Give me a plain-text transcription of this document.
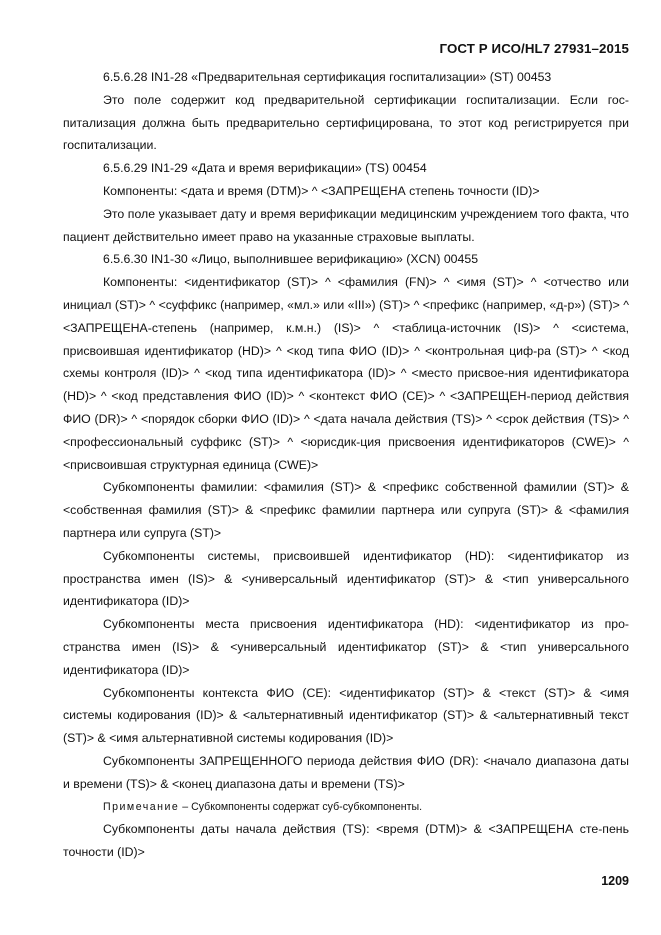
ГОСТ Р ИСО/HL7 27931–2015

6.5.6.28 IN1-28 «Предварительная сертификация госпитализации» (ST) 00453

Это поле содержит код предварительной сертификации госпитализации. Если гос-питализация должна быть предварительно сертифицирована, то этот код регистрируется при госпитализации.

6.5.6.29 IN1-29 «Дата и время верификации» (TS) 00454

Компоненты: <дата и время (DTM)> ^ <ЗАПРЕЩЕНА степень точности (ID)>

Это поле указывает дату и время верификации медицинским учреждением того факта, что пациент действительно имеет право на указанные страховые выплаты.

6.5.6.30 IN1-30 «Лицо, выполнившее верификацию» (XCN) 00455

Компоненты: <идентификатор (ST)> ^ <фамилия (FN)> ^ <имя (ST)> ^ <отчество или инициал (ST)> ^ <суффикс (например, «мл.» или «III») (ST)> ^ <префикс (например, «д-р») (ST)> ^ <ЗАПРЕЩЕНА-степень (например, к.м.н.) (IS)> ^ <таблица-источник (IS)> ^ <система, присвоившая идентификатор (HD)> ^ <код типа ФИО (ID)> ^ <контрольная циф-ра (ST)> ^ <код схемы контроля (ID)> ^ <код типа идентификатора (ID)> ^ <место присвое-ния идентификатора (HD)> ^ <код представления ФИО (ID)> ^ <контекст ФИО (CE)> ^ <ЗАПРЕЩЕН-период действия ФИО (DR)> ^ <порядок сборки ФИО (ID)> ^ <дата начала действия (TS)> ^ <срок действия (TS)> ^ <профессиональный суффикс (ST)> ^ <юрисдик-ция присвоения идентификаторов (CWE)> ^ <присвоившая структурная единица (CWE)>

Субкомпоненты фамилии: <фамилия (ST)> & <префикс собственной фамилии (ST)> & <собственная фамилия (ST)> & <префикс фамилии партнера или супруга (ST)> & <фамилия партнера или супруга (ST)>

Субкомпоненты системы, присвоившей идентификатор (HD): <идентификатор из пространства имен (IS)> & <универсальный идентификатор (ST)> & <тип универсального идентификатора (ID)>

Субкомпоненты места присвоения идентификатора (HD): <идентификатор из про-странства имен (IS)> & <универсальный идентификатор (ST)> & <тип универсального идентификатора (ID)>

Субкомпоненты контекста ФИО (CE): <идентификатор (ST)> & <текст (ST)> & <имя системы кодирования (ID)> & <альтернативный идентификатор (ST)> & <альтернативный текст (ST)> & <имя альтернативной системы кодирования (ID)>

Субкомпоненты ЗАПРЕЩЕННОГО периода действия ФИО (DR): <начало диапазона даты и времени (TS)> & <конец диапазона даты и времени (TS)>

Примечание – Субкомпоненты содержат суб-субкомпоненты.

Субкомпоненты даты начала действия (TS): <время (DTM)> & <ЗАПРЕЩЕНА сте-пень точности (ID)>

1209
